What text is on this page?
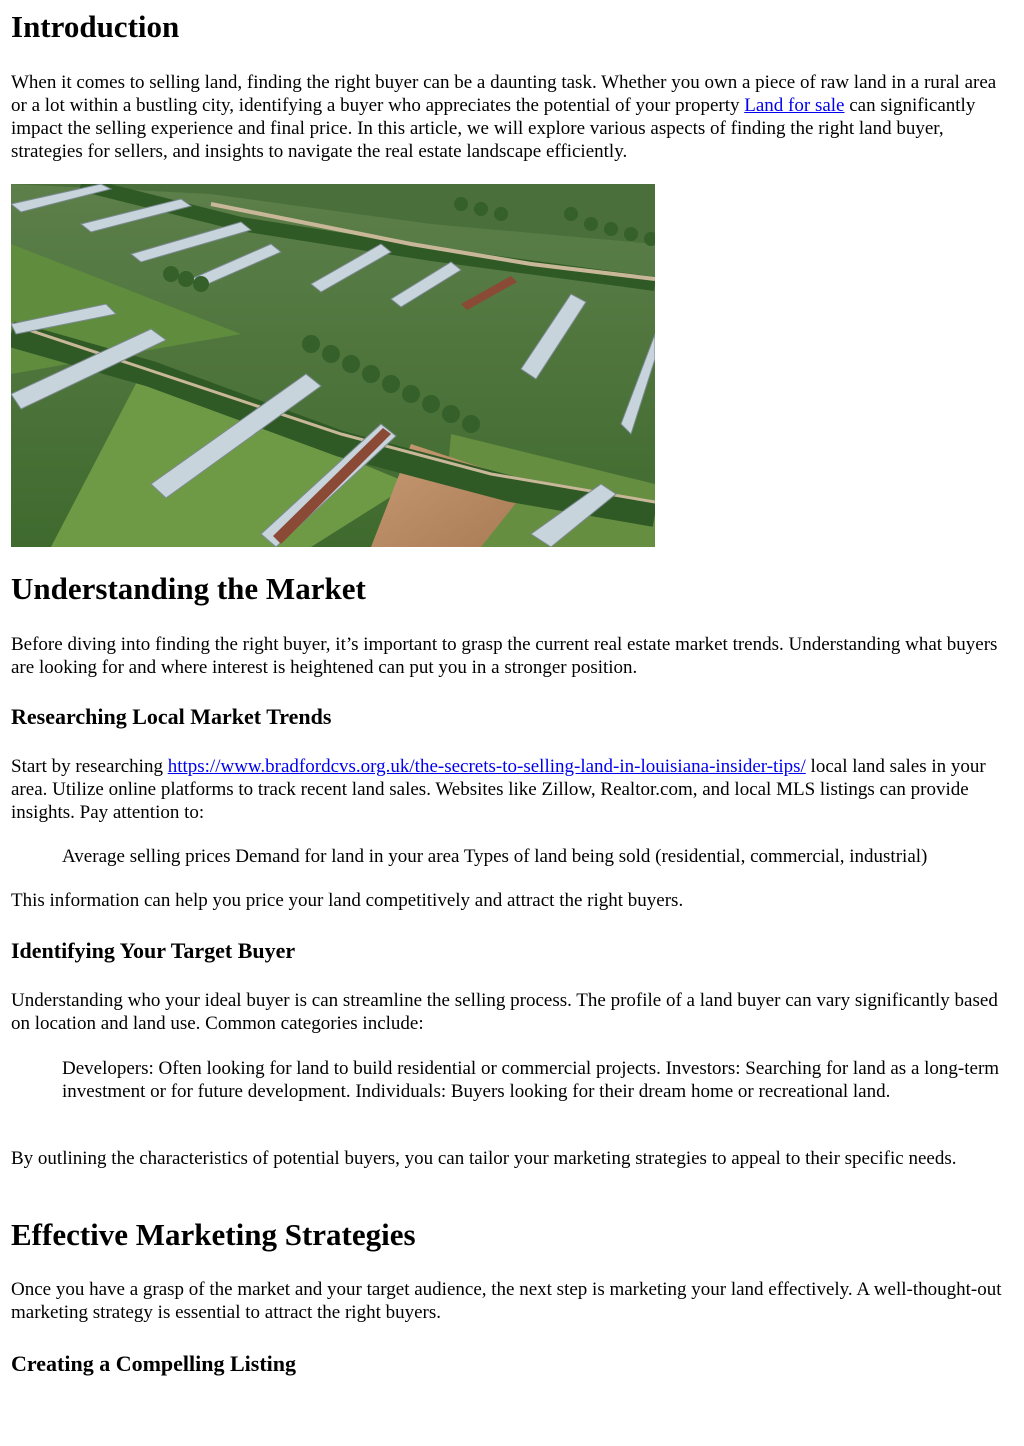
Introduction

When it comes to selling land, finding the right buyer can be a daunting task. Whether you own a piece of raw land in a rural area or a lot within a bustling city, identifying a buyer who appreciates the potential of your property Land for sale can significantly impact the selling experience and final price. In this article, we will explore various aspects of finding the right land buyer, strategies for sellers, and insights to navigate the real estate landscape efficiently.

Understanding the Market

Before diving into finding the right buyer, it’s important to grasp the current real estate market trends. Understanding what buyers are looking for and where interest is heightened can put you in a stronger position.

Researching Local Market Trends

Start by researching https://www.bradfordcvs.org.uk/the-secrets-to-selling-land-in-louisiana-insider-tips/ local land sales in your area. Utilize online platforms to track recent land sales. Websites like Zillow, Realtor.com, and local MLS listings can provide insights. Pay attention to:

Average selling prices Demand for land in your area Types of land being sold (residential, commercial, industrial)

This information can help you price your land competitively and attract the right buyers.

Identifying Your Target Buyer

Understanding who your ideal buyer is can streamline the selling process. The profile of a land buyer can vary significantly based on location and land use. Common categories include:

Developers: Often looking for land to build residential or commercial projects. Investors: Searching for land as a long-term investment or for future development. Individuals: Buyers looking for their dream home or recreational land.

By outlining the characteristics of potential buyers, you can tailor your marketing strategies to appeal to their specific needs.

Effective Marketing Strategies

Once you have a grasp of the market and your target audience, the next step is marketing your land effectively. A well-thought-out marketing strategy is essential to attract the right buyers.

Creating a Compelling Listing
